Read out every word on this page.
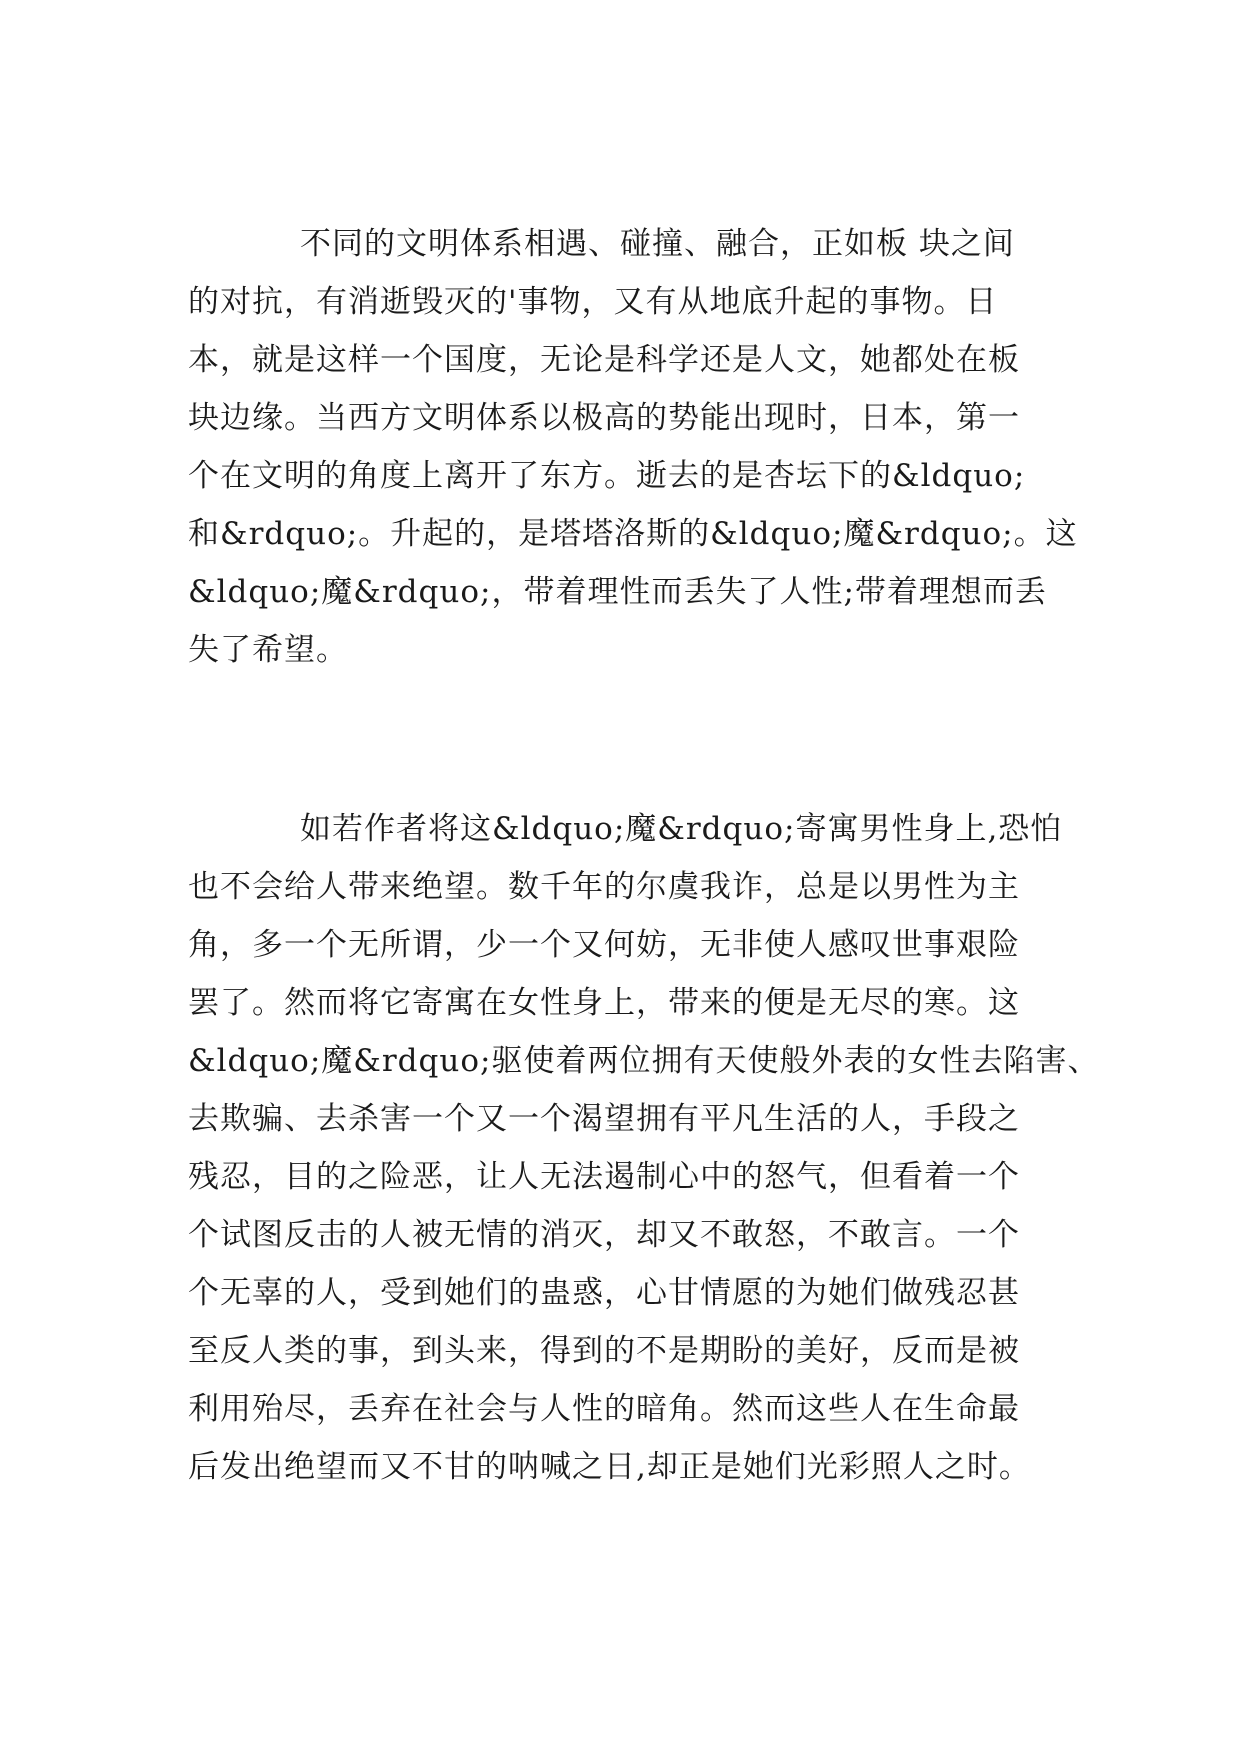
不同的文明体系相遇、碰撞、融合，正如板 块之间
的对抗，有消逝毁灭的'事物，又有从地底升起的事物。日
本，就是这样一个国度，无论是科学还是人文，她都处在板
块边缘。当西方文明体系以极高的势能出现时，日本，第一
个在文明的角度上离开了东方。逝去的是杏坛下的&ldquo;
和&rdquo;。升起的，是塔塔洛斯的&ldquo;魔&rdquo;。这
&ldquo;魔&rdquo;，带着理性而丢失了人性;带着理想而丢
失了希望。
如若作者将这&ldquo;魔&rdquo;寄寓男性身上,恐怕
也不会给人带来绝望。数千年的尔虞我诈，总是以男性为主
角，多一个无所谓，少一个又何妨，无非使人感叹世事艰险
罢了。然而将它寄寓在女性身上，带来的便是无尽的寒。这
&ldquo;魔&rdquo;驱使着两位拥有天使般外表的女性去陷害、
去欺骗、去杀害一个又一个渴望拥有平凡生活的人，手段之
残忍，目的之险恶，让人无法遏制心中的怒气，但看着一个
个试图反击的人被无情的消灭，却又不敢怒，不敢言。一个
个无辜的人，受到她们的蛊惑，心甘情愿的为她们做残忍甚
至反人类的事，到头来，得到的不是期盼的美好，反而是被
利用殆尽，丢弃在社会与人性的暗角。然而这些人在生命最
后发出绝望而又不甘的呐喊之日,却正是她们光彩照人之时。
